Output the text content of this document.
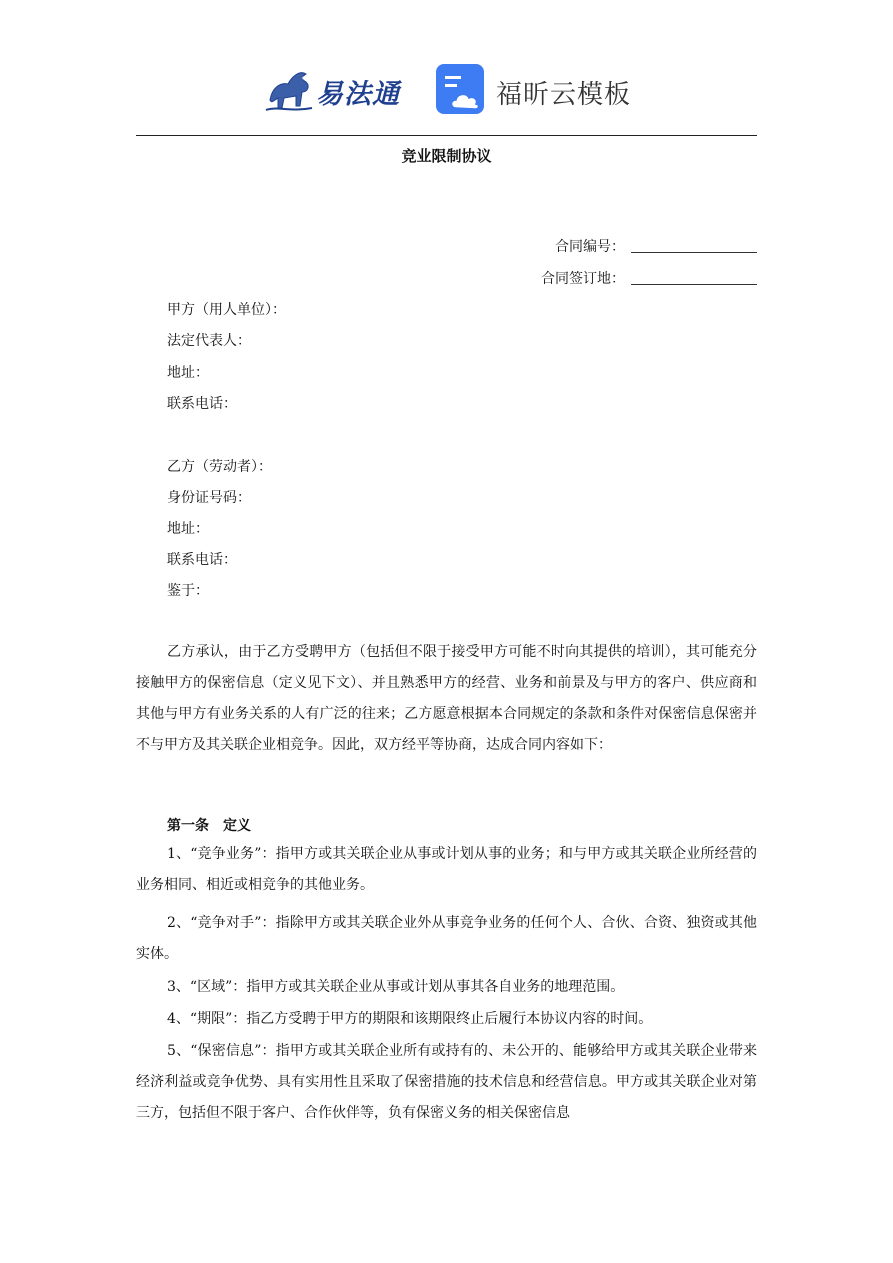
易法通	福昕云模板
竞业限制协议
合同编号：
合同签订地：
甲方（用人单位）：
法定代表人：
地址：
联系电话：
乙方（劳动者）：
身份证号码：
地址：
联系电话：
鉴于：

乙方承认，由于乙方受聘甲方（包括但不限于接受甲方可能不时向其提供的培训），其可能充分接触甲方的保密信息（定义见下文）、并且熟悉甲方的经营、业务和前景及与甲方的客户、供应商和其他与甲方有业务关系的人有广泛的往来；乙方愿意根据本合同规定的条款和条件对保密信息保密并不与甲方及其关联企业相竞争。因此，双方经平等协商，达成合同内容如下：

第一条　定义

1、“竞争业务”：指甲方或其关联企业从事或计划从事的业务；和与甲方或其关联企业所经营的业务相同、相近或相竞争的其他业务。

2、“竞争对手”：指除甲方或其关联企业外从事竞争业务的任何个人、合伙、合资、独资或其他实体。

3、“区域”：指甲方或其关联企业从事或计划从事其各自业务的地理范围。

4、“期限”：指乙方受聘于甲方的期限和该期限终止后履行本协议内容的时间。

5、“保密信息”：指甲方或其关联企业所有或持有的、未公开的、能够给甲方或其关联企业带来经济利益或竞争优势、具有实用性且采取了保密措施的技术信息和经营信息。甲方或其关联企业对第三方，包括但不限于客户、合作伙伴等，负有保密义务的相关保密信息
